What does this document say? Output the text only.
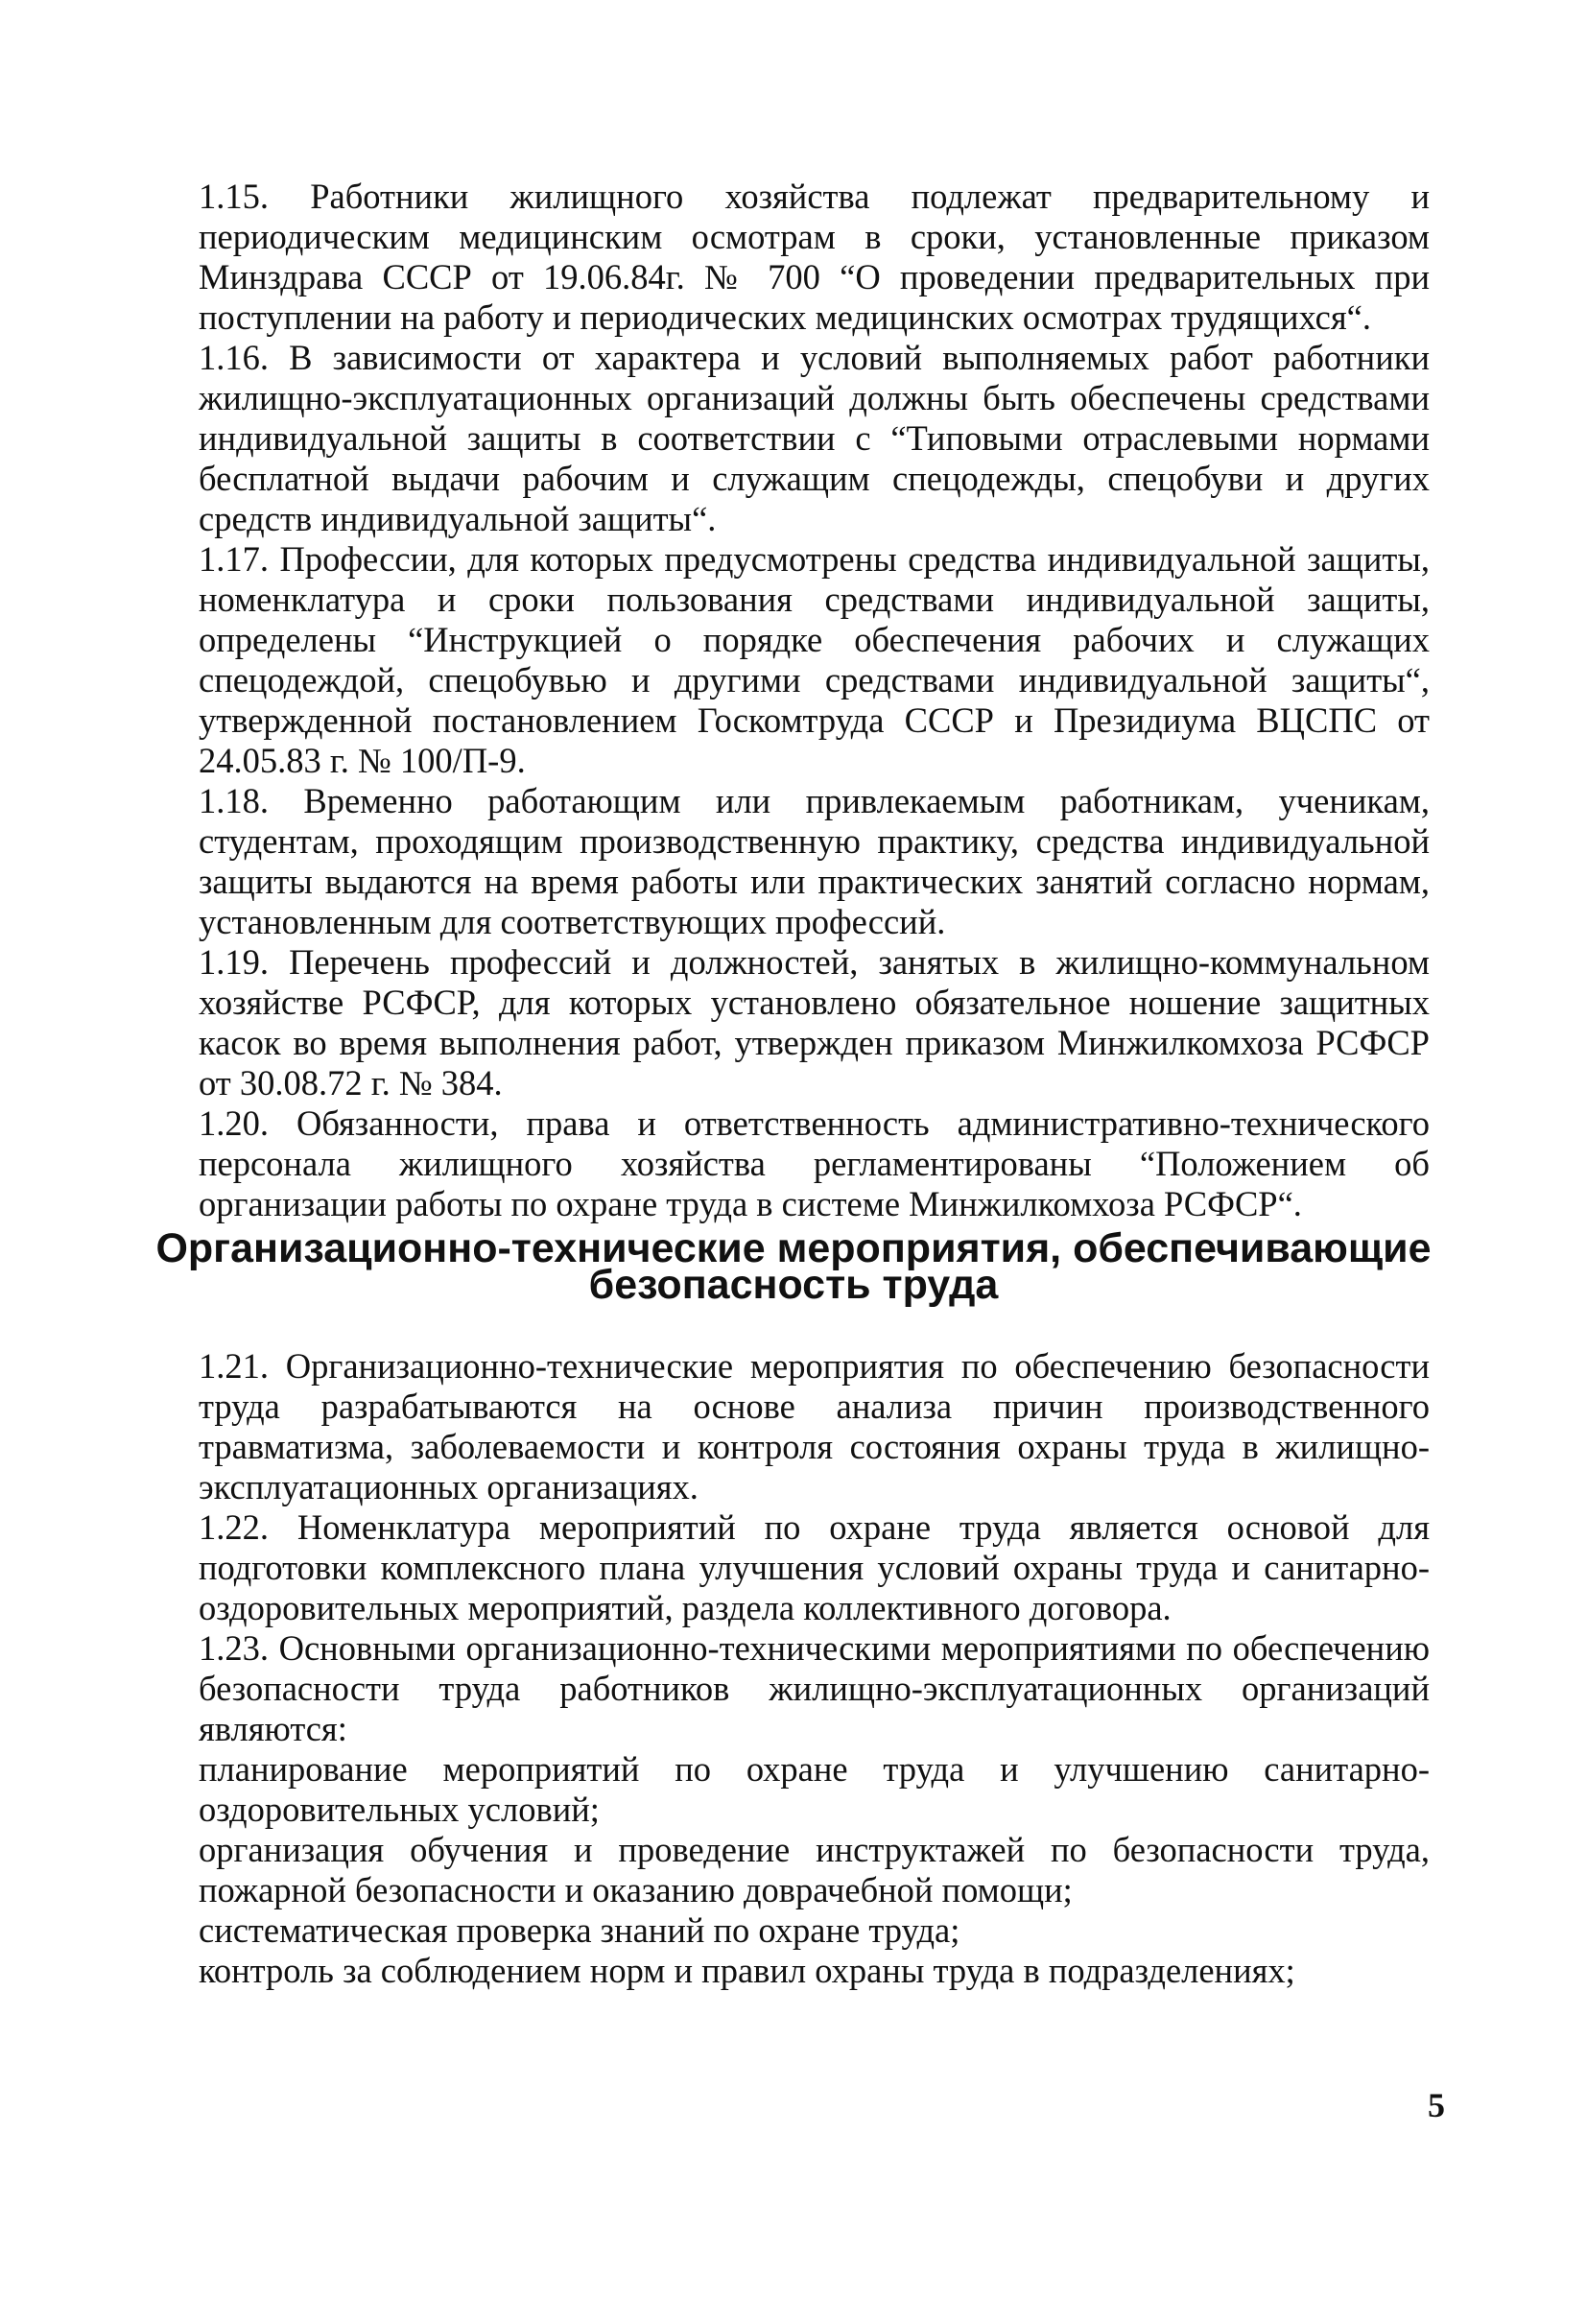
1.15. Работники жилищного хозяйства подлежат предварительному и периодическим медицинским осмотрам в сроки, установленные приказом Минздрава СССР от 19.06.84г. № 700 “О проведении предварительных при поступлении на работу и периодических медицинских осмотрах трудящихся“.

1.16. В зависимости от характера и условий выполняемых работ работники жилищно-эксплуатационных организаций должны быть обеспечены средствами индивидуальной защиты в соответствии с “Типовыми отраслевыми нормами бесплатной выдачи рабочим и служащим спецодежды, спецобуви и других средств индивидуальной защиты“.

1.17. Профессии, для которых предусмотрены средства индивидуальной защиты, номенклатура и сроки пользования средствами индивидуальной защиты, определены “Инструкцией о порядке обеспечения рабочих и служащих спецодеждой, спецобувью и другими средствами индивидуальной защиты“, утвержденной постановлением Госкомтруда СССР и Президиума ВЦСПС от 24.05.83 г. № 100/П-9.

1.18. Временно работающим или привлекаемым работникам, ученикам, студентам, проходящим производственную практику, средства индивидуальной защиты выдаются на время работы или практических занятий согласно нормам, установленным для соответствующих профессий.

1.19. Перечень профессий и должностей, занятых в жилищно-коммунальном хозяйстве РСФСР, для которых установлено обязательное ношение защитных касок во время выполнения работ, утвержден приказом Минжилкомхоза РСФСР от 30.08.72 г. № 384.

1.20. Обязанности, права и ответственность административно-технического персонала жилищного хозяйства регламентированы “Положением об организации работы по охране труда в системе Минжилкомхоза РСФСР“.

Организационно-технические мероприятия, обеспечивающие
безопасность труда

1.21. Организационно-технические мероприятия по обеспечению безопасности труда разрабатываются на основе анализа причин производственного травматизма, заболеваемости и контроля состояния охраны труда в жилищно-эксплуатационных организациях.

1.22. Номенклатура мероприятий по охране труда является основой для подготовки комплексного плана улучшения условий охраны труда и санитарно-оздоровительных мероприятий, раздела коллективного договора.

1.23. Основными организационно-техническими мероприятиями по обеспечению безопасности труда работников жилищно-эксплуатационных организаций являются:

планирование мероприятий по охране труда и улучшению санитарно-оздоровительных условий;

организация обучения и проведение инструктажей по безопасности труда, пожарной безопасности и оказанию доврачебной помощи;

систематическая проверка знаний по охране труда;

контроль за соблюдением норм и правил охраны труда в подразделениях;

5
